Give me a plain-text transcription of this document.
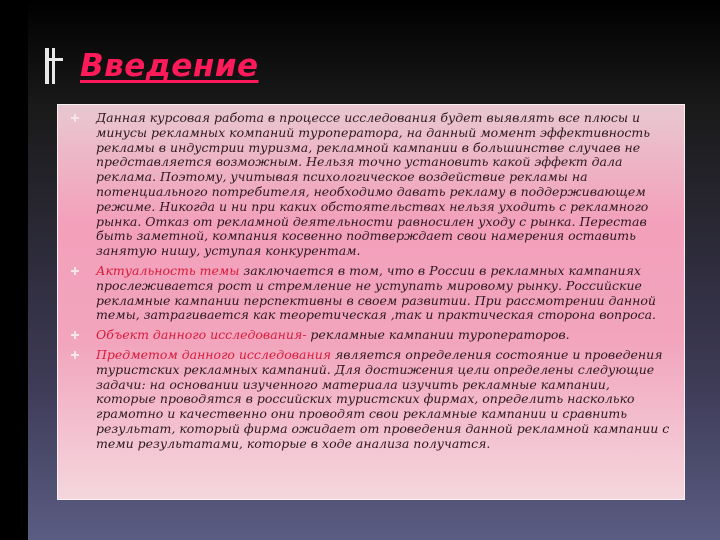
Введение
Данная курсовая работа в процессе исследования будет выявлять все плюсы и минусы рекламных компаний туроператора, на данный момент эффективность рекламы в индустрии туризма, рекламной кампании в большинстве случаев не представляется возможным. Нельзя точно установить какой эффект дала реклама. Поэтому, учитывая психологическое воздействие рекламы на потенциального потребителя, необходимо давать рекламу в поддерживающем режиме. Никогда и ни при каких обстоятельствах нельзя уходить с рекламного рынка. Отказ от рекламной деятельности равносилен уходу с рынка. Перестав быть заметной, компания косвенно подтверждает свои намерения оставить занятую нишу, уступая конкурентам.
Актуальность темы заключается в том, что в России в рекламных кампаниях прослеживается рост и стремление не уступать мировому рынку. Российские рекламные кампании перспективны в своем развитии. При рассмотрении данной темы, затрагивается как теоретическая ,так и практическая сторона вопроса.
Объект данного исследования- рекламные кампании туроператоров.
Предметом данного исследования является определения состояние и проведения туристских рекламных кампаний. Для достижения цели определены следующие задачи: на основании изученного материала изучить рекламные кампании, которые проводятся в российских туристских фирмах, определить насколько грамотно и качественно они проводят свои рекламные кампании и сравнить результат, который фирма ожидает от проведения данной рекламной кампании с теми результатами, которые в ходе анализа получатся.
